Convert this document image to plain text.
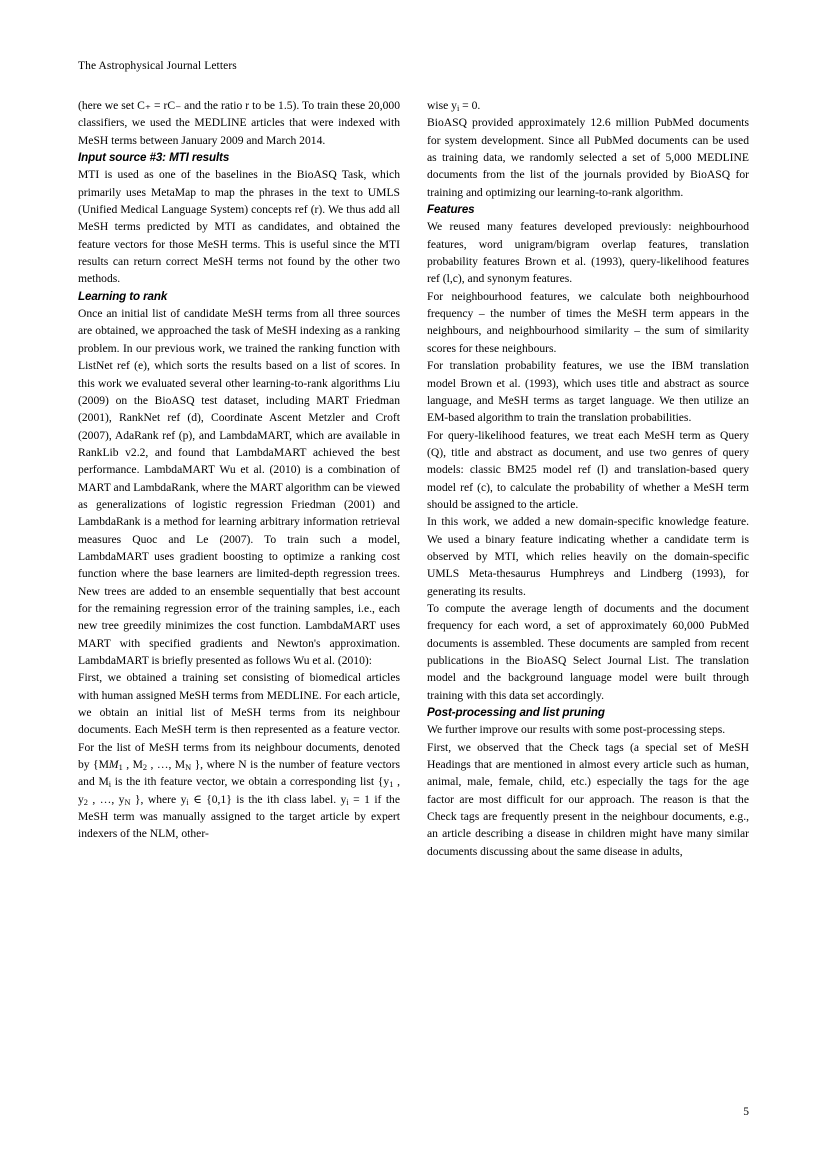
The Astrophysical Journal Letters

(here we set C₊ = rC₋ and the ratio r to be 1.5). To train these 20,000 classifiers, we used the MEDLINE articles that were indexed with MeSH terms between January 2009 and March 2014.

Input source #3: MTI results

MTI is used as one of the baselines in the BioASQ Task, which primarily uses MetaMap to map the phrases in the text to UMLS (Unified Medical Language System) concepts ref (r). We thus add all MeSH terms predicted by MTI as candidates, and obtained the feature vectors for those MeSH terms. This is useful since the MTI results can return correct MeSH terms not found by the other two methods.

Learning to rank

Once an initial list of candidate MeSH terms from all three sources are obtained, we approached the task of MeSH indexing as a ranking problem. In our previous work, we trained the ranking function with ListNet ref (e), which sorts the results based on a list of scores. In this work we evaluated several other learning-to-rank algorithms Liu (2009) on the BioASQ test dataset, including MART Friedman (2001), RankNet ref (d), Coordinate Ascent Metzler and Croft (2007), AdaRank ref (p), and LambdaMART, which are available in RankLib v2.2, and found that LambdaMART achieved the best performance. LambdaMART Wu et al. (2010) is a combination of MART and LambdaRank, where the MART algorithm can be viewed as generalizations of logistic regression Friedman (2001) and LambdaRank is a method for learning arbitrary information retrieval measures Quoc and Le (2007). To train such a model, LambdaMART uses gradient boosting to optimize a ranking cost function where the base learners are limited-depth regression trees. New trees are added to an ensemble sequentially that best account for the remaining regression error of the training samples, i.e., each new tree greedily minimizes the cost function. LambdaMART uses MART with specified gradients and Newton's approximation. LambdaMART is briefly presented as follows Wu et al. (2010):

First, we obtained a training set consisting of biomedical articles with human assigned MeSH terms from MEDLINE. For each article, we obtain an initial list of MeSH terms from its neighbour documents. Each MeSH term is then represented as a feature vector. For the list of MeSH terms from its neighbour documents, denoted by {$MM_1$ , $M_2$ , …, $M_N$ }, where N is the number of feature vectors and $M_i$ is the ith feature vector, we obtain a corresponding list {$y_1$ , $y_2$ , …, $y_N$ }, where $y_i$ ∈ {0,1} is the ith class label. $y_i = 1$ if the MeSH term was manually assigned to the target article by expert indexers of the NLM, other-

wise $y_i = 0$.

BioASQ provided approximately 12.6 million PubMed documents for system development. Since all PubMed documents can be used as training data, we randomly selected a set of 5,000 MEDLINE documents from the list of the journals provided by BioASQ for training and optimizing our learning-to-rank algorithm.

Features

We reused many features developed previously: neighbourhood features, word unigram/bigram overlap features, translation probability features Brown et al. (1993), query-likelihood features ref (l,c), and synonym features.

For neighbourhood features, we calculate both neighbourhood frequency – the number of times the MeSH term appears in the neighbours, and neighbourhood similarity – the sum of similarity scores for these neighbours.

For translation probability features, we use the IBM translation model Brown et al. (1993), which uses title and abstract as source language, and MeSH terms as target language. We then utilize an EM-based algorithm to train the translation probabilities.

For query-likelihood features, we treat each MeSH term as Query (Q), title and abstract as document, and use two genres of query models: classic BM25 model ref (l) and translation-based query model ref (c), to calculate the probability of whether a MeSH term should be assigned to the article.

In this work, we added a new domain-specific knowledge feature. We used a binary feature indicating whether a candidate term is observed by MTI, which relies heavily on the domain-specific UMLS Meta-thesaurus Humphreys and Lindberg (1993), for generating its results.

To compute the average length of documents and the document frequency for each word, a set of approximately 60,000 PubMed documents is assembled. These documents are sampled from recent publications in the BioASQ Select Journal List. The translation model and the background language model were built through training with this data set accordingly.

Post-processing and list pruning

We further improve our results with some post-processing steps.

First, we observed that the Check tags (a special set of MeSH Headings that are mentioned in almost every article such as human, animal, male, female, child, etc.) especially the tags for the age factor are most difficult for our approach. The reason is that the Check tags are frequently present in the neighbour documents, e.g., an article describing a disease in children might have many similar documents discussing about the same disease in adults,

5
